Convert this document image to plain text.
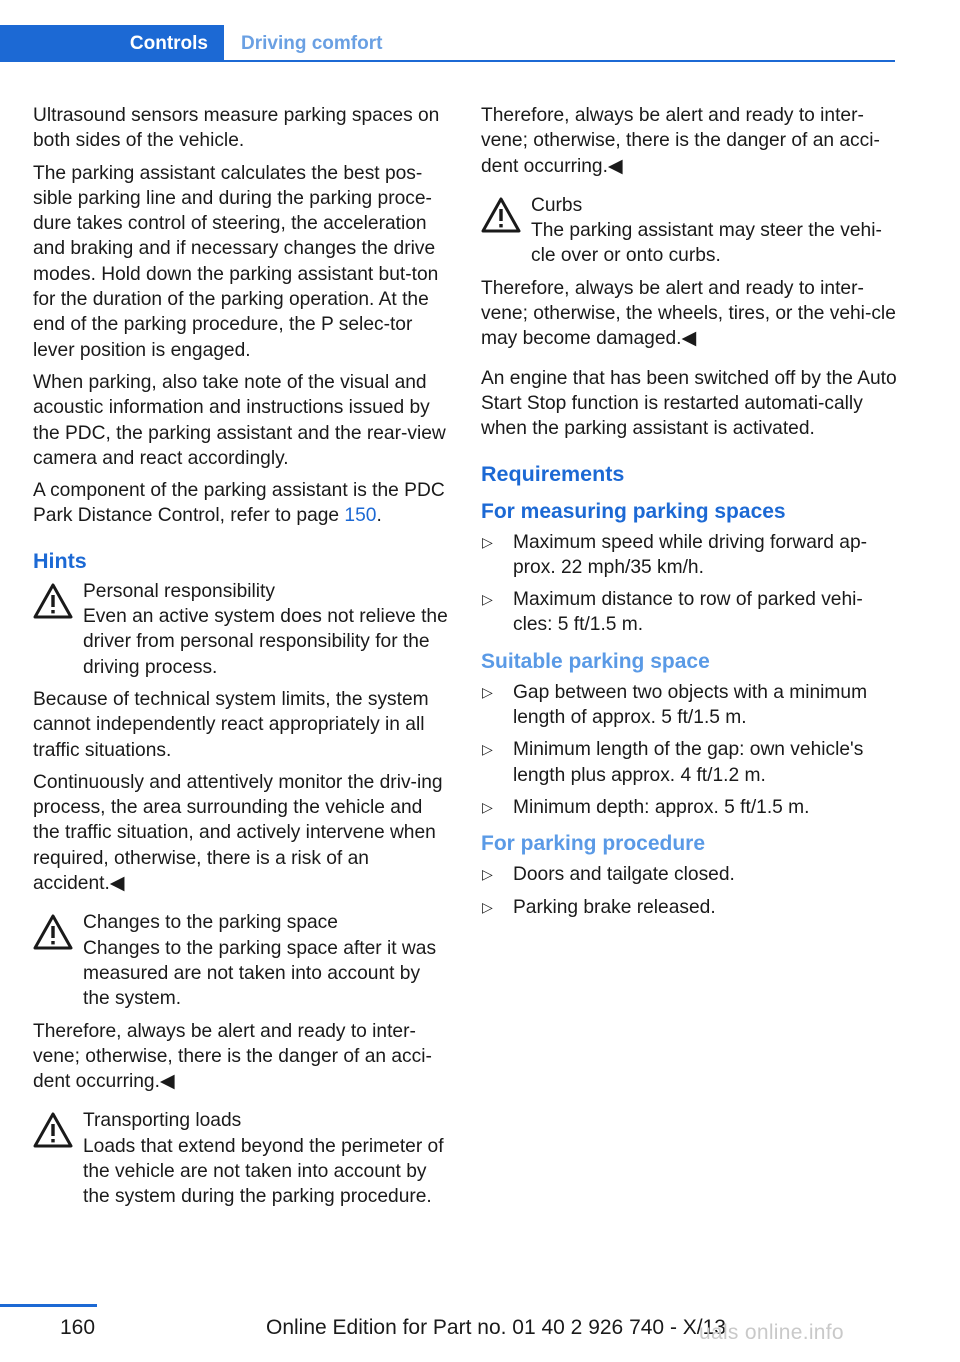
Controls	Driving comfort

Ultrasound sensors measure parking spaces on both sides of the vehicle.

The parking assistant calculates the best pos‐sible parking line and during the parking proce‐dure takes control of steering, the acceleration and braking and if necessary changes the drive modes. Hold down the parking assistant but‐ton for the duration of the parking operation. At the end of the parking procedure, the P selec‐tor lever position is engaged.

When parking, also take note of the visual and acoustic information and instructions issued by the PDC, the parking assistant and the rear‐view camera and react accordingly.

A component of the parking assistant is the PDC Park Distance Control, refer to page 150.

Hints
Personal responsibility
Even an active system does not relieve the driver from personal responsibility for the driving process.

Because of technical system limits, the system cannot independently react appropriately in all traffic situations.

Continuously and attentively monitor the driv‐ing process, the area surrounding the vehicle and the traffic situation, and actively intervene when required, otherwise, there is a risk of an accident.◀

Changes to the parking space
Changes to the parking space after it was measured are not taken into account by the system.

Therefore, always be alert and ready to inter‐vene; otherwise, there is the danger of an acci‐dent occurring.◀

Transporting loads
Loads that extend beyond the perimeter of the vehicle are not taken into account by the system during the parking procedure.

Therefore, always be alert and ready to inter‐vene; otherwise, there is the danger of an acci‐dent occurring.◀

Curbs
The parking assistant may steer the vehi‐cle over or onto curbs.

Therefore, always be alert and ready to inter‐vene; otherwise, the wheels, tires, or the vehi‐cle may become damaged.◀

An engine that has been switched off by the Auto Start Stop function is restarted automati‐cally when the parking assistant is activated.

Requirements
For measuring parking spaces
▷ Maximum speed while driving forward ap‐prox. 22 mph/35 km/h.
▷ Maximum distance to row of parked vehi‐cles: 5 ft/1.5 m.
Suitable parking space
▷ Gap between two objects with a minimum length of approx. 5 ft/1.5 m.
▷ Minimum length of the gap: own vehicle's length plus approx. 4 ft/1.2 m.
▷ Minimum depth: approx. 5 ft/1.5 m.
For parking procedure
▷ Doors and tailgate closed.
▷ Parking brake released.
160	Online Edition for Part no. 01 40 2 926 740 - X/13
uals online.info
